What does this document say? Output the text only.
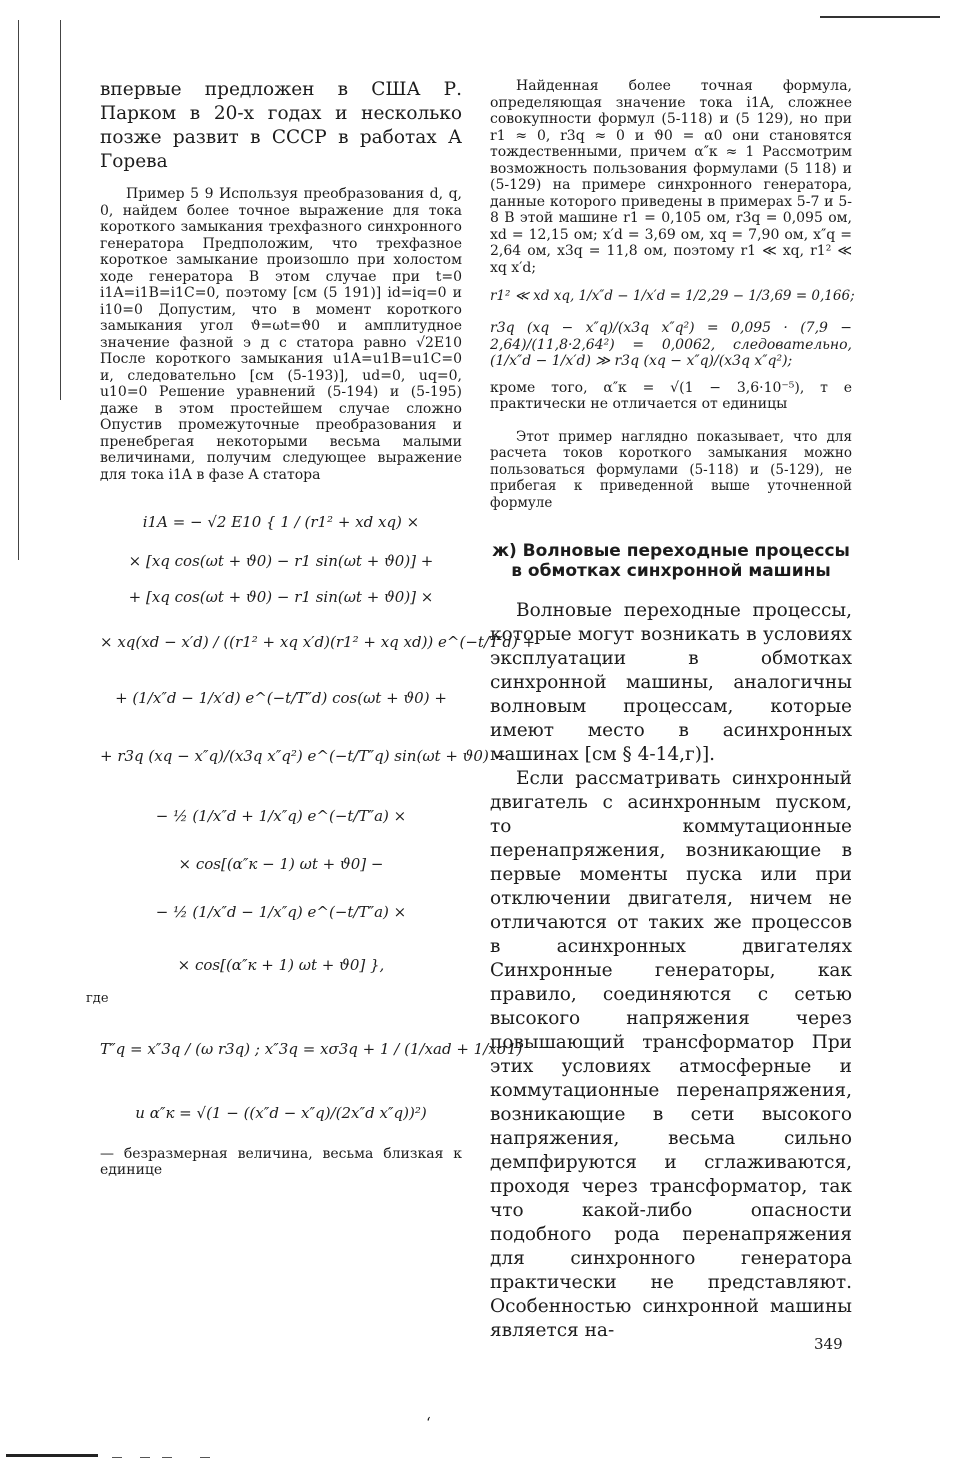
впервые предложен в США Р. Парком в 20-х годах и несколько позже развит в СССР в работах А Горева

Пример 5 9 Используя преобразования d, q, 0, найдем более точное выражение для тока короткого замыкания трехфазного синхронного генератора Предположим, что трехфазное короткое замыкание произошло при холостом ходе генератора В этом случае при t=0 i1A=i1B=i1C=0, поэтому [см (5 191)] id=iq=0 и i10=0 Допустим, что в момент короткого замыкания угол ϑ=ωt=ϑ0 и амплитудное значение фазной э д с статора равно √2E10 После короткого замыкания u1A=u1B=u1C=0 и, следовательно [см (5-193)], ud=0, uq=0, u10=0 Решение уравнений (5-194) и (5-195) даже в этом простейшем случае сложно Опустив промежуточные преобразования и пренебрегая некоторыми весьма малыми величинами, получим следующее выражение для тока i1A в фазе A статора

i1A = − √2 E10 { 1 / (r1² + xd xq) ×
× [xq cos(ωt + ϑ0) − r1 sin(ωt + ϑ0)] +
+ [xq cos(ωt + ϑ0) − r1 sin(ωt + ϑ0)] ×
× xq(xd − x′d) / ((r1² + xq x′d)(r1² + xq xd)) e^(−t/T′d) +
+ (1/x″d − 1/x′d) e^(−t/T″d) cos(ωt + ϑ0) +
+ r3q (xq − x″q)/(x3q x″q²) e^(−t/T″q) sin(ωt + ϑ0) −
− ½ (1/x″d + 1/x″q) e^(−t/T″a) ×
× cos[(α″к − 1) ωt + ϑ0] −
− ½ (1/x″d − 1/x″q) e^(−t/T″a) ×
× cos[(α″к + 1) ωt + ϑ0] },
где
T″q = x″3q / (ω r3q) ; x″3q = xσ3q + 1 / (1/xad + 1/xσ1)
и α″к = √(1 − ((x″d − x″q)/(2x″d x″q))²)

— безразмерная величина, весьма близкая к единице

Найденная более точная формула, определяющая значение тока i1A, сложнее совокупности формул (5-118) и (5 129), но при r1 ≈ 0, r3q ≈ 0 и ϑ0 = α0 они становятся тождественными, причем α″к ≈ 1 Рассмотрим возможность пользования формулами (5 118) и (5-129) на примере синхронного генератора, данные которого приведены в примерах 5-7 и 5-8 В этой машине r1 = 0,105 ом, r3q = 0,095 ом, xd = 12,15 ом; x′d = 3,69 ом, xq = 7,90 ом, x″q = 2,64 ом, x3q = 11,8 ом, поэтому r1 ≪ xq, r1² ≪ xq x′d;

r1² ≪ xd xq, 1/x″d − 1/x′d = 1/2,29 − 1/3,69 = 0,166;

r3q (xq − x″q)/(x3q x″q²) = 0,095 · (7,9 − 2,64)/(11,8·2,64²) = 0,0062, следовательно, (1/x″d − 1/x′d) ≫ r3q (xq − x″q)/(x3q x″q²);

кроме того, α″к = √(1 − 3,6·10⁻⁵), т е практически не отличается от единицы

Этот пример наглядно показывает, что для расчета токов короткого замыкания можно пользоваться формулами (5-118) и (5-129), не прибегая к приведенной выше уточненной формуле

ж) Волновые переходные процессы
в обмотках синхронной машины

Волновые переходные процессы, которые могут возникать в условиях эксплуатации в обмотках синхронной машины, аналогичны волновым процессам, которые имеют место в асинхронных машинах [см § 4-14,г)].

Если рассматривать синхронный двигатель с асинхронным пуском, то коммутационные перенапряжения, возникающие в первые моменты пуска или при отключении двигателя, ничем не отличаются от таких же процессов в асинхронных двигателях Синхронные генераторы, как правило, соединяются с сетью высокого напряжения через повышающий трансформатор При этих условиях атмосферные и коммутационные перенапряжения, возникающие в сети высокого напряжения, весьма сильно демпфируются и сглаживаются, проходя через трансформатор, так что какой-либо опасности подобного рода перенапряжения для синхронного генератора практически не представляют. Особенностью синхронной машины является на-

349
‘
